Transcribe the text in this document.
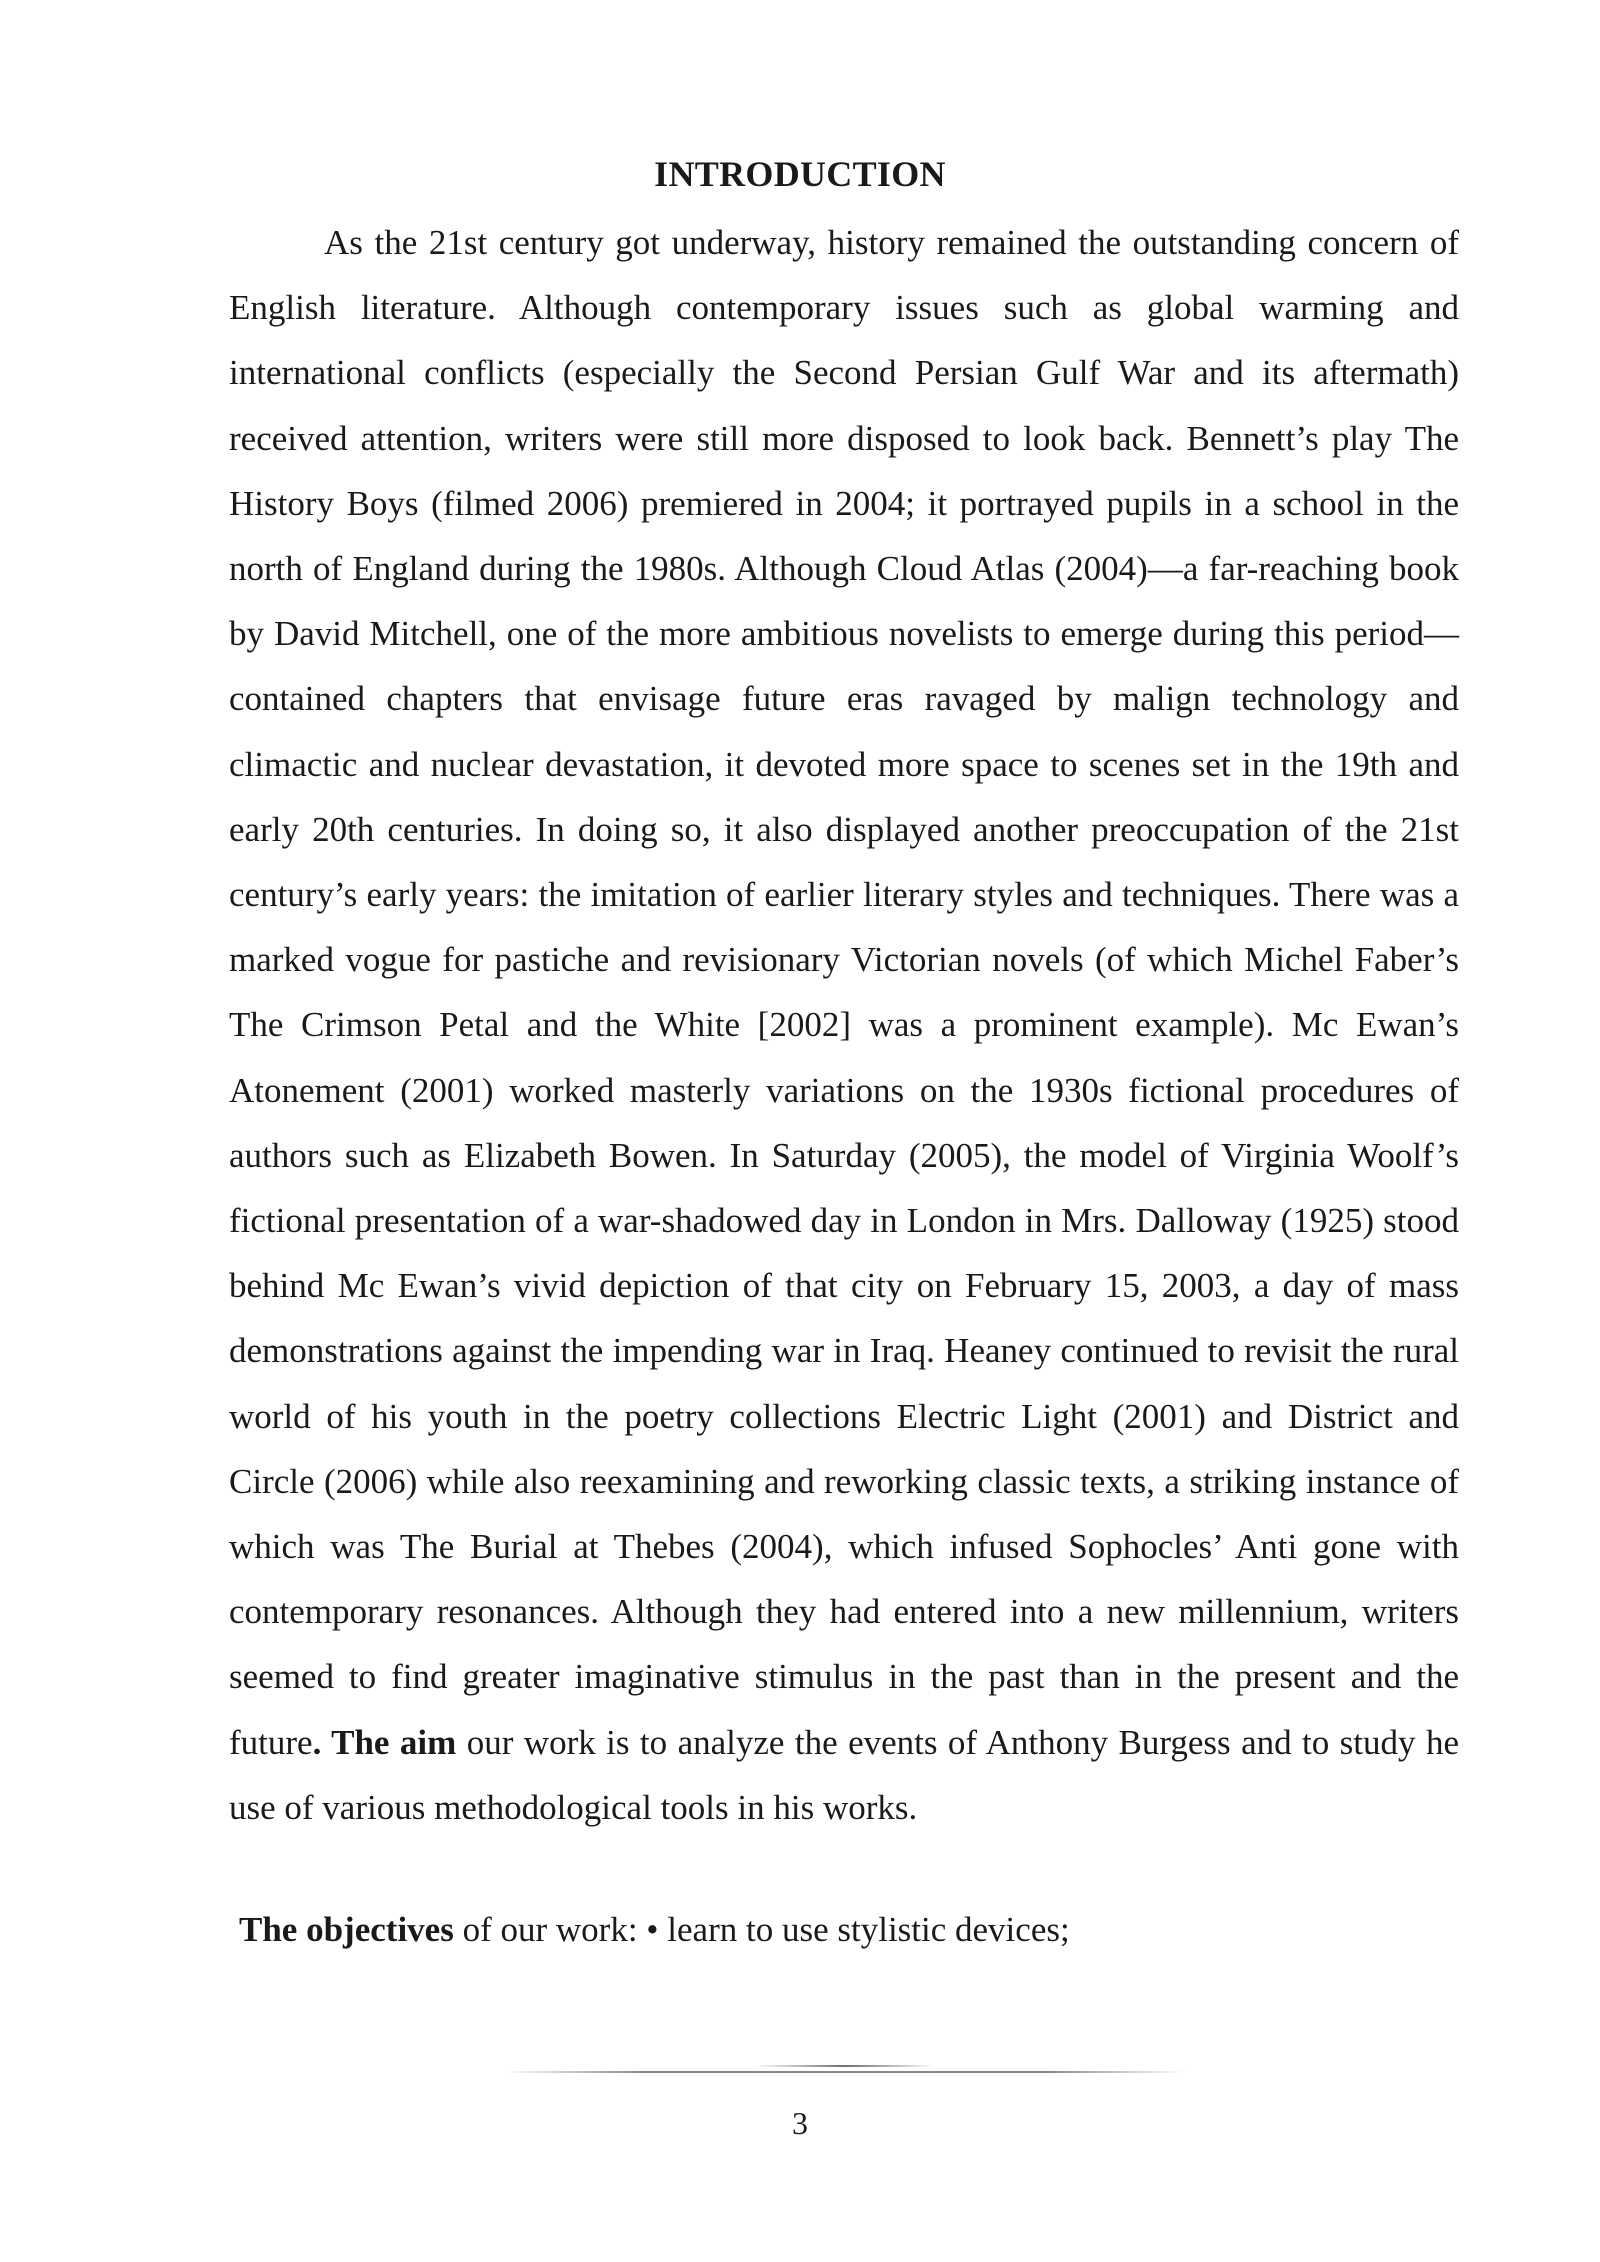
INTRODUCTION

As the 21st century got underway, history remained the outstanding concern of English literature. Although contemporary issues such as global warming and international conflicts (especially the Second Persian Gulf War and its aftermath) received attention, writers were still more disposed to look back. Bennett’s play The History Boys (filmed 2006) premiered in 2004; it portrayed pupils in a school in the north of England during the 1980s. Although Cloud Atlas (2004)—a far-reaching book by David Mitchell, one of the more ambitious novelists to emerge during this period—contained chapters that envisage future eras ravaged by malign technology and climactic and nuclear devastation, it devoted more space to scenes set in the 19th and early 20th centuries. In doing so, it also displayed another preoccupation of the 21st century’s early years: the imitation of earlier literary styles and techniques. There was a marked vogue for pastiche and revisionary Victorian novels (of which Michel Faber’s The Crimson Petal and the White [2002] was a prominent example). Mc Ewan’s Atonement (2001) worked masterly variations on the 1930s fictional procedures of authors such as Elizabeth Bowen. In Saturday (2005), the model of Virginia Woolf’s fictional presentation of a war-shadowed day in London in Mrs. Dalloway (1925) stood behind Mc Ewan’s vivid depiction of that city on February 15, 2003, a day of mass demonstrations against the impending war in Iraq. Heaney continued to revisit the rural world of his youth in the poetry collections Electric Light (2001) and District and Circle (2006) while also reexamining and reworking classic texts, a striking instance of which was The Burial at Thebes (2004), which infused Sophocles’ Anti gone with contemporary resonances. Although they had entered into a new millennium, writers seemed to find greater imaginative stimulus in the past than in the present and the future. The aim our work is to analyze the events of Anthony Burgess and to study he use of various methodological tools in his works.

The objectives of our work: • learn to use stylistic devices;
3
